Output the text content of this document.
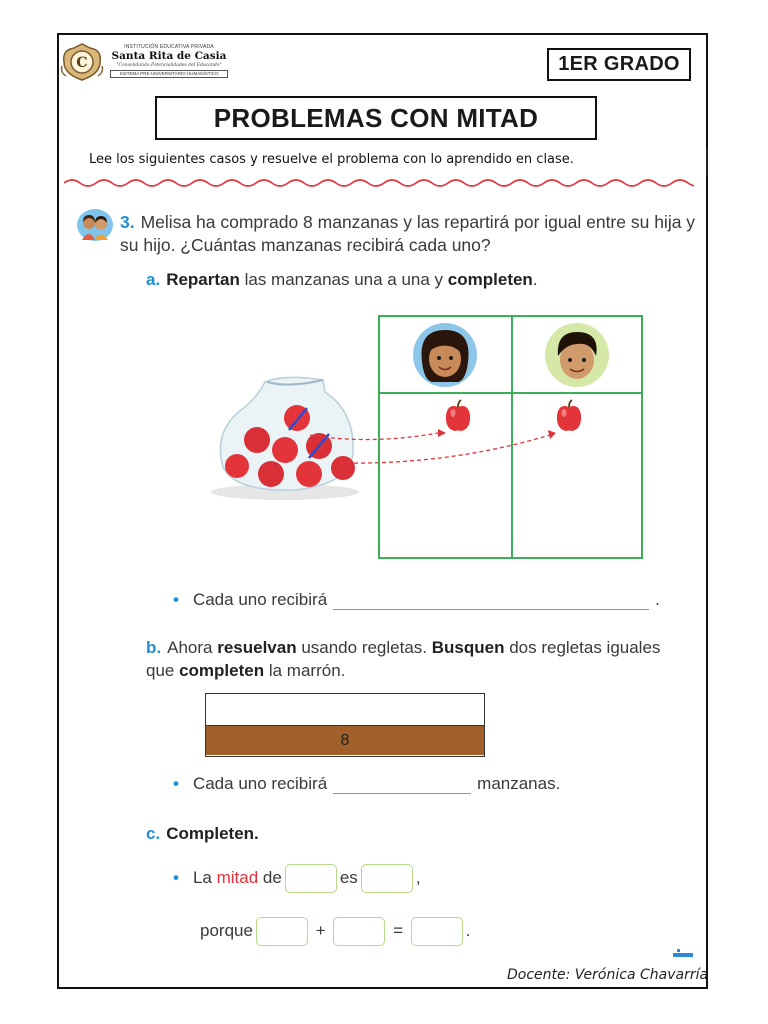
C
INSTITUCIÓN EDUCATIVA PRIVADA
Santa Rita de Casia
"Consolidando Potencialidades del Educando"
SISTEMA PRE-UNIVERSITARIO HUMANÍSTICO	1ER GRADO
PROBLEMAS CON MITAD
Lee los siguientes casos y resuelve el problema con lo aprendido en clase.
3. Melisa ha comprado 8 manzanas y las repartirá por igual entre su hija y su hijo. ¿Cuántas manzanas recibirá cada uno?
a. Repartan las manzanas una a una y completen.
• Cada uno recibirá	.
b. Ahora resuelvan usando regletas. Busquen dos regletas iguales que completen la marrón.
8
• Cada uno recibirá	manzanas.
c. Completen.
• La mitad de	es	,
porque	+	=	.
Docente: Verónica Chavarría
